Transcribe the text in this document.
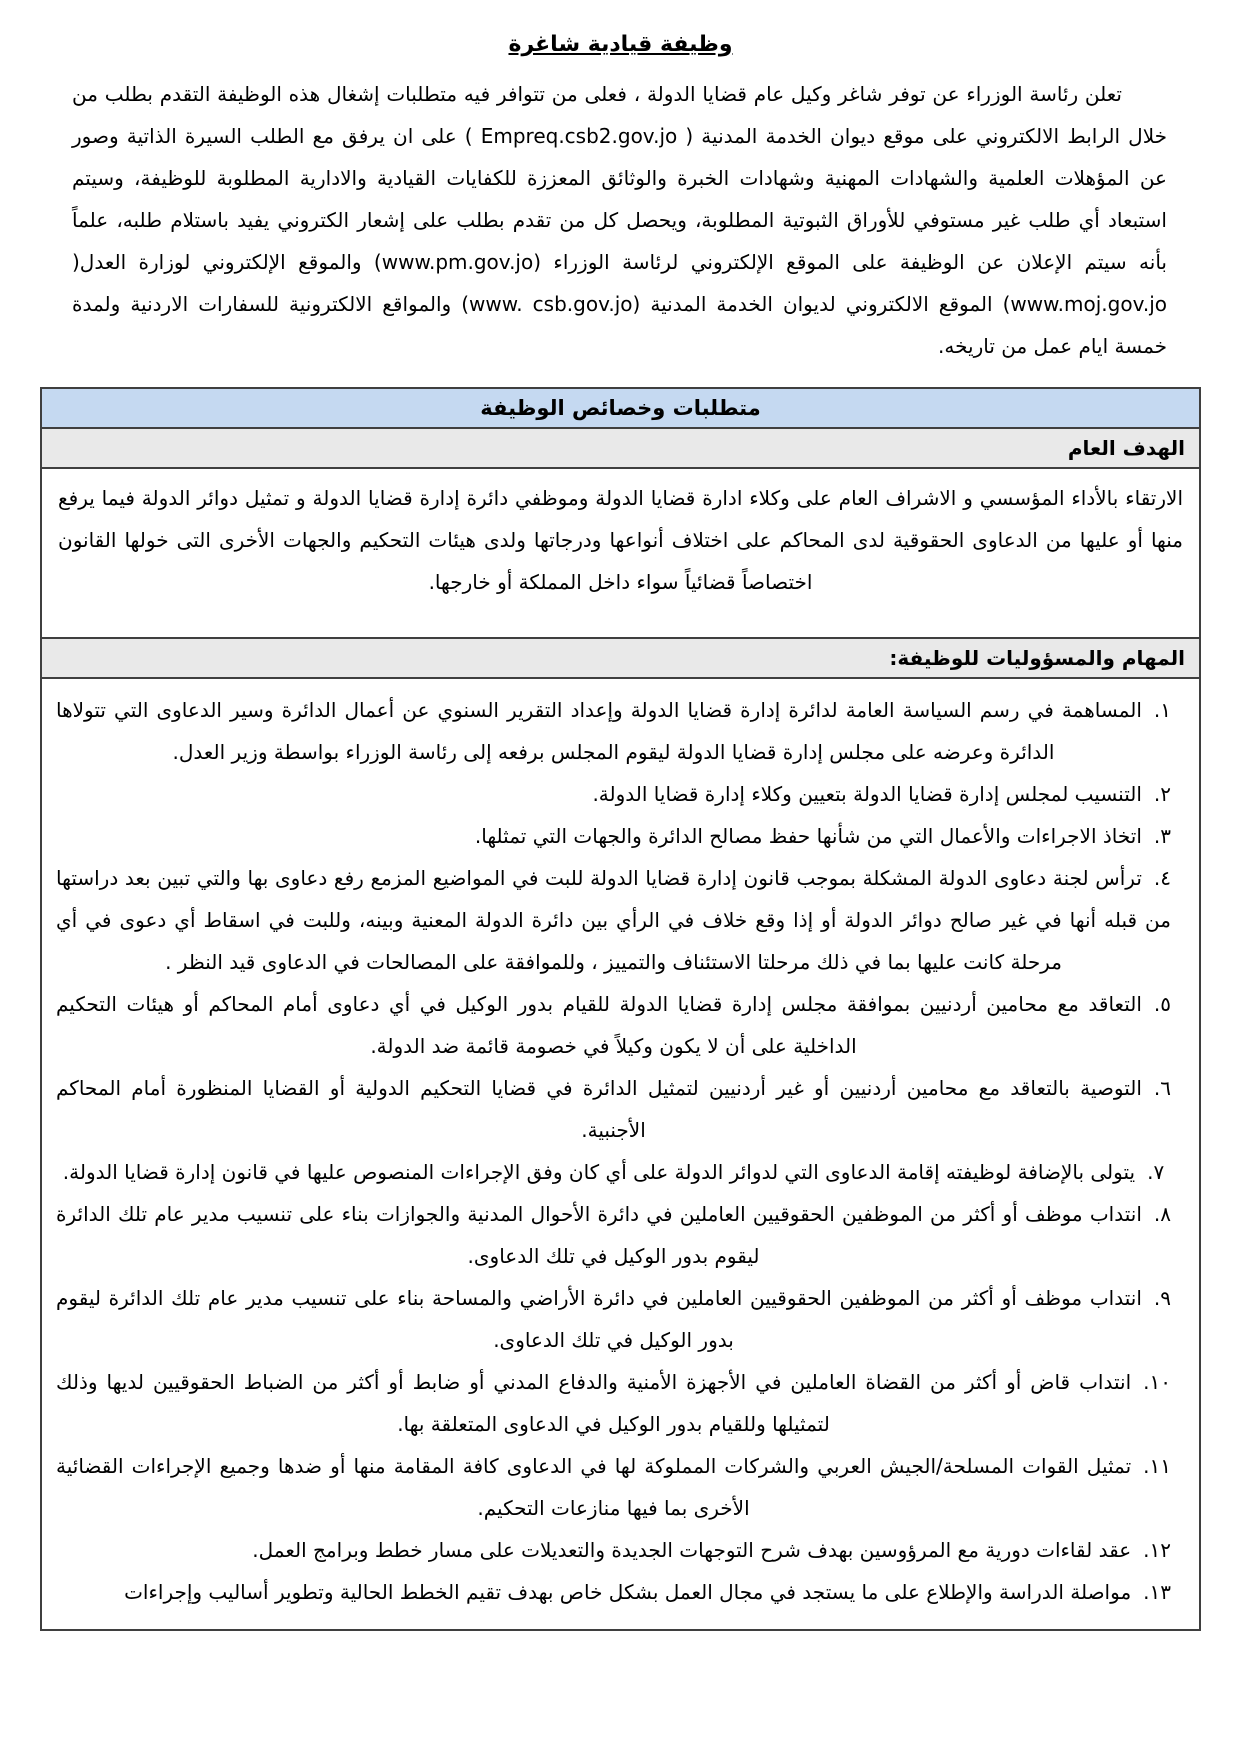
وظيفة قيادية شاغرة

تعلن رئاسة الوزراء عن توفر شاغر وكيل عام قضايا الدولة ، فعلى من تتوافر فيه متطلبات إشغال هذه الوظيفة التقدم بطلب من خلال الرابط الالكتروني على موقع ديوان الخدمة المدنية ( Empreq.csb2.gov.jo ) على ان يرفق مع الطلب السيرة الذاتية وصور عن المؤهلات العلمية والشهادات المهنية وشهادات الخبرة والوثائق المعززة للكفايات القيادية والادارية المطلوبة للوظيفة، وسيتم استبعاد أي طلب غير مستوفي للأوراق الثبوتية المطلوبة، ويحصل كل من تقدم بطلب على إشعار الكتروني يفيد باستلام طلبه، علماً بأنه سيتم الإعلان عن الوظيفة على الموقع الإلكتروني لرئاسة الوزراء (www.pm.gov.jo) والموقع الإلكتروني لوزارة العدل( www.moj.gov.jo) الموقع الالكتروني لديوان الخدمة المدنية (www. csb.gov.jo) والمواقع الالكترونية للسفارات الاردنية ولمدة خمسة ايام عمل من تاريخه.

متطلبات وخصائص الوظيفة
الهدف العام

الارتقاء بالأداء المؤسسي و الاشراف العام على وكلاء ادارة قضايا الدولة وموظفي دائرة إدارة قضايا الدولة و تمثيل دوائر الدولة فيما يرفع منها أو عليها من الدعاوى الحقوقية لدى المحاكم على اختلاف أنواعها ودرجاتها ولدى هيئات التحكيم والجهات الأخرى التى خولها القانون اختصاصاً قضائياً سواء داخل المملكة أو خارجها.

المهام والمسؤوليات للوظيفة:
١.المساهمة في رسم السياسة العامة لدائرة إدارة قضايا الدولة وإعداد التقرير السنوي عن أعمال الدائرة وسير الدعاوى التي تتولاها الدائرة وعرضه على مجلس إدارة قضايا الدولة ليقوم المجلس برفعه إلى رئاسة الوزراء بواسطة وزير العدل.
٢.التنسيب لمجلس إدارة قضايا الدولة بتعيين وكلاء إدارة قضايا الدولة.
٣.اتخاذ الاجراءات والأعمال التي من شأنها حفظ مصالح الدائرة والجهات التي تمثلها.
٤.ترأس لجنة دعاوى الدولة المشكلة بموجب قانون إدارة قضايا الدولة للبت في المواضيع المزمع رفع دعاوى بها والتي تبين بعد دراستها من قبله أنها في غير صالح دوائر الدولة أو إذا وقع خلاف في الرأي بين دائرة الدولة المعنية وبينه، وللبت في اسقاط أي دعوى في أي مرحلة كانت عليها بما في ذلك مرحلتا الاستئناف والتمييز ، وللموافقة على المصالحات في الدعاوى قيد النظر .
٥.التعاقد مع محامين أردنيين بموافقة مجلس إدارة قضايا الدولة للقيام بدور الوكيل في أي دعاوى أمام المحاكم أو هيئات التحكيم الداخلية على أن لا يكون وكيلاً في خصومة قائمة ضد الدولة.
٦.التوصية بالتعاقد مع محامين أردنيين أو غير أردنيين لتمثيل الدائرة في قضايا التحكيم الدولية أو القضايا المنظورة أمام المحاكم الأجنبية.
٧.يتولى بالإضافة لوظيفته إقامة الدعاوى التي لدوائر الدولة على أي كان وفق الإجراءات المنصوص عليها في قانون إدارة قضايا الدولة.
٨.انتداب موظف أو أكثر من الموظفين الحقوقيين العاملين في دائرة الأحوال المدنية والجوازات بناء على تنسيب مدير عام تلك الدائرة ليقوم بدور الوكيل في تلك الدعاوى.
٩.انتداب موظف أو أكثر من الموظفين الحقوقيين العاملين في دائرة الأراضي والمساحة بناء على تنسيب مدير عام تلك الدائرة ليقوم بدور الوكيل في تلك الدعاوى.
١٠.انتداب قاض أو أكثر من القضاة العاملين في الأجهزة الأمنية والدفاع المدني أو ضابط أو أكثر من الضباط الحقوقيين لديها وذلك لتمثيلها وللقيام بدور الوكيل في الدعاوى المتعلقة بها.
١١.تمثيل القوات المسلحة/الجيش العربي والشركات المملوكة لها في الدعاوى كافة المقامة منها أو ضدها وجميع الإجراءات القضائية الأخرى بما فيها منازعات التحكيم.
١٢.عقد لقاءات دورية مع المرؤوسين بهدف شرح التوجهات الجديدة والتعديلات على مسار خطط وبرامج العمل.
١٣.مواصلة الدراسة والإطلاع على ما يستجد في مجال العمل بشكل خاص بهدف تقيم الخطط الحالية وتطوير أساليب وإجراءات
